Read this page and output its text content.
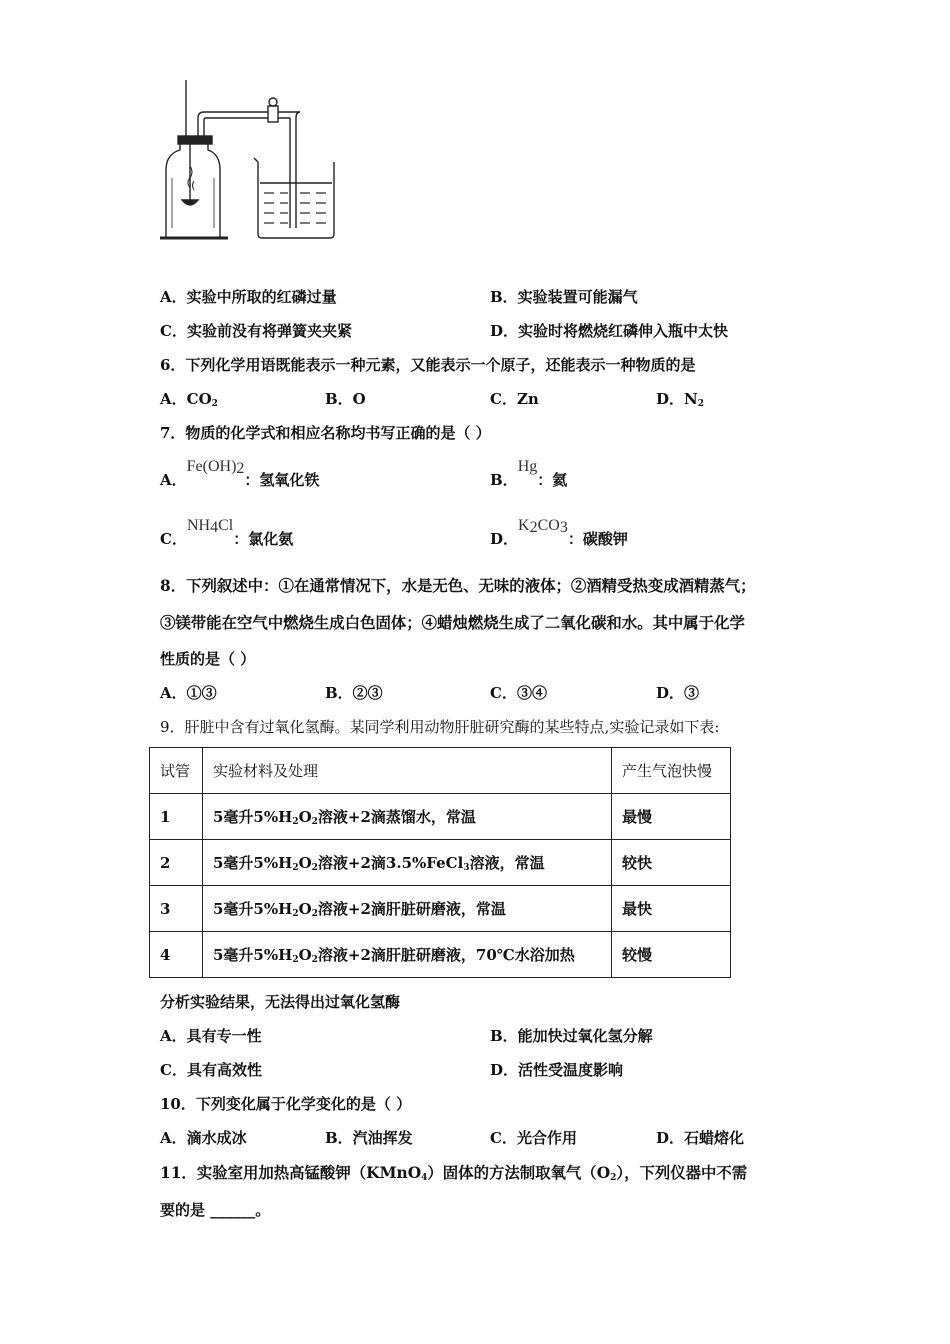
A．实验中所取的红磷过量	B．实验装置可能漏气
C．实验前没有将弹簧夹夹紧	D．实验时将燃烧红磷伸入瓶中太快
6．下列化学用语既能表示一种元素，又能表示一个原子，还能表示一种物质的是
A．$CO_2$	B．O	C．Zn	D．$N_2$
7．物质的化学式和相应名称均书写正确的是（ ）
A．$Fe(OH)_2$：氢氧化铁	B．Hg：氦
C．$NH_4Cl$：氯化氨	D．$K_2CO_3$：碳酸钾
8．下列叙述中：①在通常情况下，水是无色、无味的液体；②酒精受热变成酒精蒸气；
③镁带能在空气中燃烧生成白色固体；④蜡烛燃烧生成了二氧化碳和水。其中属于化学
性质的是（ ）
A．①③	B．②③	C．③④	D．③
9．肝脏中含有过氧化氢酶。某同学利用动物肝脏研究酶的某些特点,实验记录如下表:
试管	实验材料及处理	产生气泡快慢
1	5毫升$5\%H_2O_2$溶液+2滴蒸馏水，常温	最慢
2	5毫升$5\%H_2O_2$溶液+2滴3.5%FeCl$_3$溶液，常温	较快
3	5毫升$5\%H_2O_2$溶液+2滴肝脏研磨液，常温	最快
4	5毫升$5\%H_2O_2$溶液+2滴肝脏研磨液，70℃水浴加热	较慢
分析实验结果，无法得出过氧化氢酶
A．具有专一性	B．能加快过氧化氢分解
C．具有高效性	D．活性受温度影响
10．下列变化属于化学变化的是（ ）
A．滴水成冰	B．汽油挥发	C．光合作用	D．石蜡熔化
11．实验室用加热高锰酸钾（KMnO$_4$）固体的方法制取氧气$(O_2)$，下列仪器中不需
要的是 ______。
